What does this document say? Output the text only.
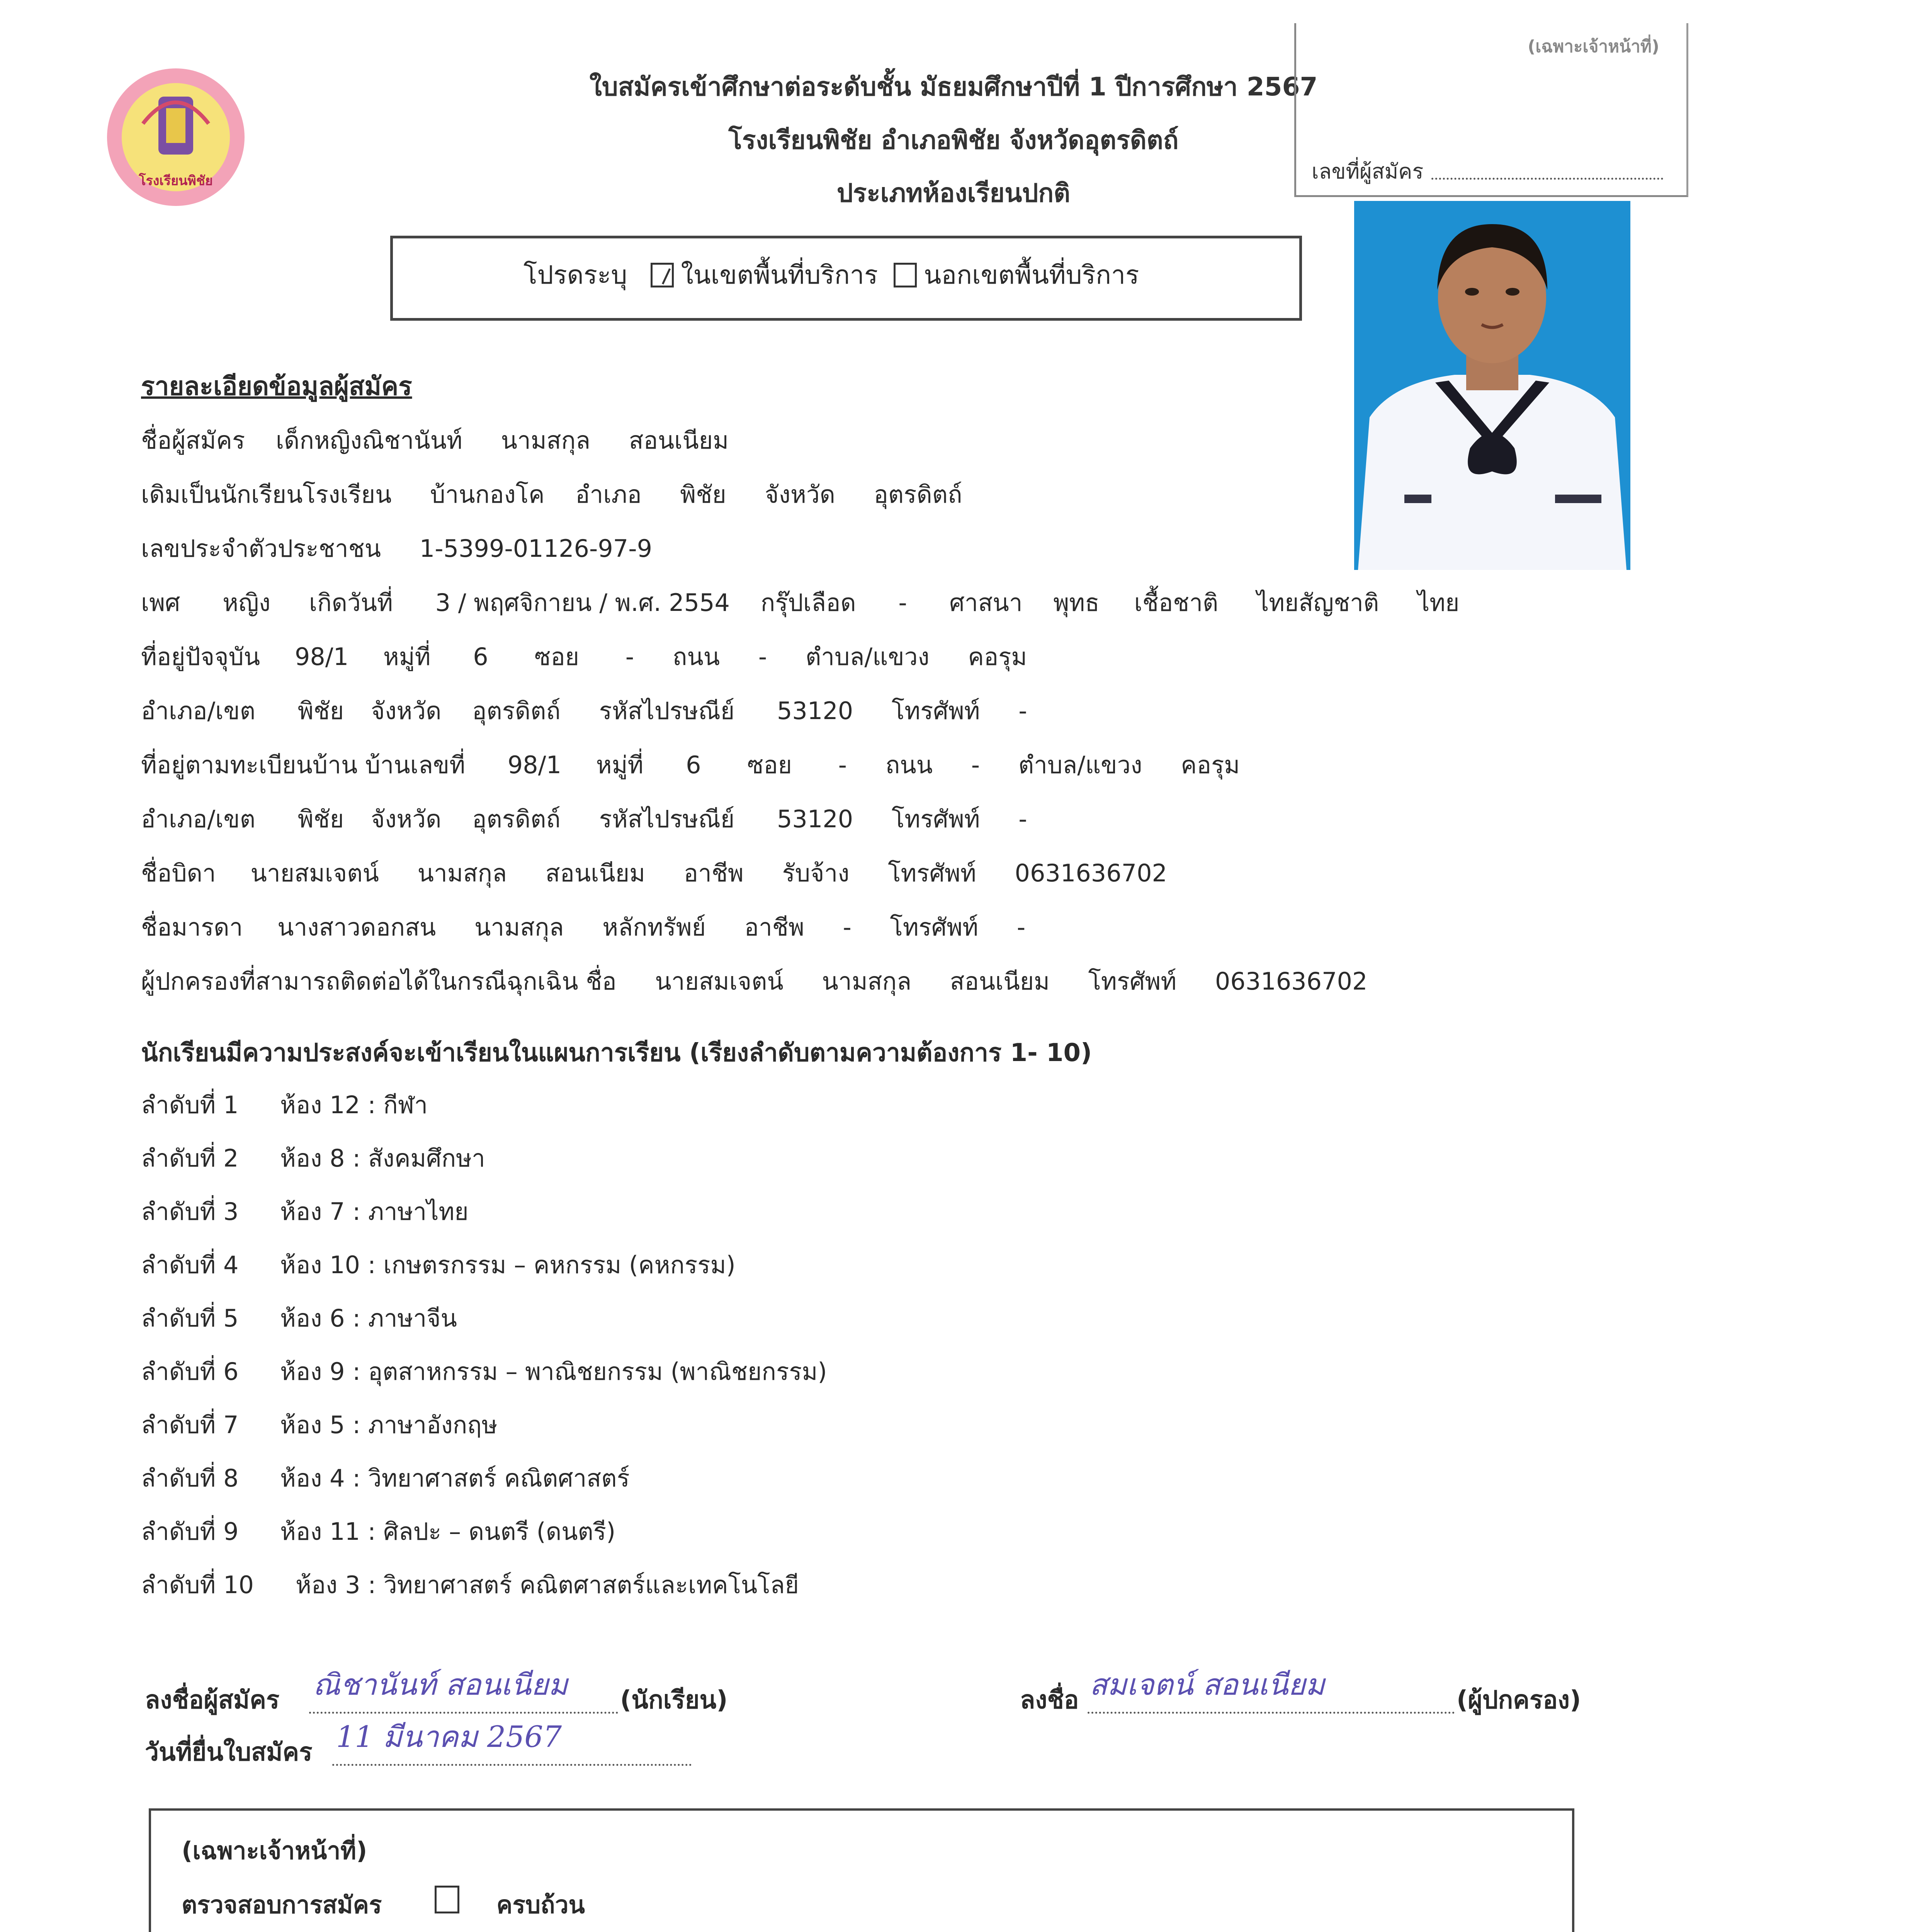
โรงเรียนพิชัย
ใบสมัครเข้าศึกษาต่อระดับชั้น มัธยมศึกษาปีที่ 1 ปีการศึกษา 2567
โรงเรียนพิชัย อำเภอพิชัย จังหวัดอุตรดิตถ์
ประเภทห้องเรียนปกติ
(เฉพาะเจ้าหน้าที่)
เลขที่ผู้สมัคร
โปรดระบุ ในเขตพื้นที่บริการ นอกเขตพื้นที่บริการ
รายละเอียดข้อมูลผู้สมัคร
ชื่อผู้สมัคร เด็กหญิงณิชานันท์ นามสกุล สอนเนียม
เดิมเป็นนักเรียนโรงเรียน บ้านกองโค อำเภอ พิชัย จังหวัด อุตรดิตถ์
เลขประจำตัวประชาชน 1-5399-01126-97-9
เพศ หญิง เกิดวันที่ 3 / พฤศจิกายน / พ.ศ. 2554 กรุ๊ปเลือด - ศาสนา พุทธ เชื้อชาติ ไทยสัญชาติ ไทย
ที่อยู่ปัจจุบัน 98/1 หมู่ที่ 6 ซอย - ถนน - ตำบล/แขวง คอรุม
อำเภอ/เขต พิชัย จังหวัด อุตรดิตถ์ รหัสไปรษณีย์ 53120 โทรศัพท์ -
ที่อยู่ตามทะเบียนบ้าน บ้านเลขที่ 98/1 หมู่ที่ 6 ซอย - ถนน - ตำบล/แขวง คอรุม
อำเภอ/เขต พิชัย จังหวัด อุตรดิตถ์ รหัสไปรษณีย์ 53120 โทรศัพท์ -
ชื่อบิดา นายสมเจตน์ นามสกุล สอนเนียม อาชีพ รับจ้าง โทรศัพท์ 0631636702
ชื่อมารดา นางสาวดอกสน นามสกุล หลักทรัพย์ อาชีพ - โทรศัพท์ -
ผู้ปกครองที่สามารถติดต่อได้ในกรณีฉุกเฉิน ชื่อ นายสมเจตน์ นามสกุล สอนเนียม โทรศัพท์ 0631636702
นักเรียนมีความประสงค์จะเข้าเรียนในแผนการเรียน (เรียงลำดับตามความต้องการ 1- 10)
ลำดับที่ 1 ห้อง 12 : กีฬา
ลำดับที่ 2 ห้อง 8 : สังคมศึกษา
ลำดับที่ 3 ห้อง 7 : ภาษาไทย
ลำดับที่ 4 ห้อง 10 : เกษตรกรรม – คหกรรม (คหกรรม)
ลำดับที่ 5 ห้อง 6 : ภาษาจีน
ลำดับที่ 6 ห้อง 9 : อุตสาหกรรม – พาณิชยกรรม (พาณิชยกรรม)
ลำดับที่ 7 ห้อง 5 : ภาษาอังกฤษ
ลำดับที่ 8 ห้อง 4 : วิทยาศาสตร์ คณิตศาสตร์
ลำดับที่ 9 ห้อง 11 : ศิลปะ – ดนตรี (ดนตรี)
ลำดับที่ 10 ห้อง 3 : วิทยาศาสตร์ คณิตศาสตร์และเทคโนโลยี
ลงชื่อผู้สมัคร ณิชานันท์ สอนเนียม (นักเรียน)	ลงชื่อ สมเจตน์ สอนเนียม	(ผู้ปกครอง)
วันที่ยื่นใบสมัคร 11 มีนาคม 2567
(เฉพาะเจ้าหน้าที่)
ตรวจสอบการสมัคร	ครบถ้วน
